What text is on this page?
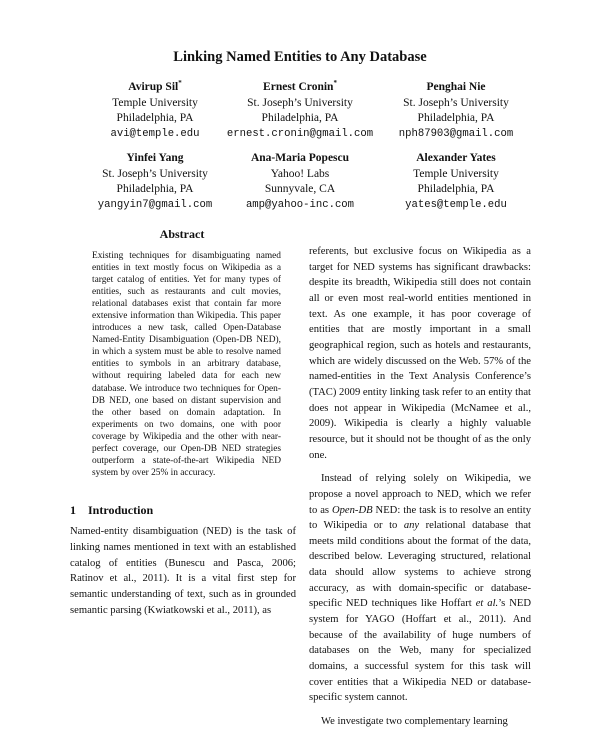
Linking Named Entities to Any Database
Avirup Sil*
Temple University
Philadelphia, PA
avi@temple.edu
Ernest Cronin*
St. Joseph’s University
Philadelphia, PA
ernest.cronin@gmail.com
Penghai Nie
St. Joseph’s University
Philadelphia, PA
nph87903@gmail.com
Yinfei Yang
St. Joseph’s University
Philadelphia, PA
yangyin7@gmail.com
Ana-Maria Popescu
Yahoo! Labs
Sunnyvale, CA
amp@yahoo-inc.com
Alexander Yates
Temple University
Philadelphia, PA
yates@temple.edu
Abstract
Existing techniques for disambiguating named entities in text mostly focus on Wikipedia as a target catalog of entities. Yet for many types of entities, such as restaurants and cult movies, relational databases exist that contain far more extensive information than Wikipedia. This paper introduces a new task, called Open-Database Named-Entity Disambiguation (Open-DB NED), in which a system must be able to resolve named entities to symbols in an arbitrary database, without requiring labeled data for each new database. We introduce two techniques for Open-DB NED, one based on distant supervision and the other based on domain adaptation. In experiments on two domains, one with poor coverage by Wikipedia and the other with near-perfect coverage, our Open-DB NED strategies outperform a state-of-the-art Wikipedia NED system by over 25% in accuracy.
1 Introduction
Named-entity disambiguation (NED) is the task of linking names mentioned in text with an established catalog of entities (Bunescu and Pasca, 2006; Ratinov et al., 2011). It is a vital first step for semantic understanding of text, such as in grounded semantic parsing (Kwiatkowski et al., 2011), as

referents, but exclusive focus on Wikipedia as a target for NED systems has significant drawbacks: despite its breadth, Wikipedia still does not contain all or even most real-world entities mentioned in text. As one example, it has poor coverage of entities that are mostly important in a small geographical region, such as hotels and restaurants, which are widely discussed on the Web. 57% of the named-entities in the Text Analysis Conference’s (TAC) 2009 entity linking task refer to an entity that does not appear in Wikipedia (McNamee et al., 2009). Wikipedia is clearly a highly valuable resource, but it should not be thought of as the only one.

Instead of relying solely on Wikipedia, we propose a novel approach to NED, which we refer to as Open-DB NED: the task is to resolve an entity to Wikipedia or to any relational database that meets mild conditions about the format of the data, described below. Leveraging structured, relational data should allow systems to achieve strong accuracy, as with domain-specific or database-specific NED techniques like Hoffart et al.’s NED system for YAGO (Hoffart et al., 2011). And because of the availability of huge numbers of databases on the Web, many for specialized domains, a successful system for this task will cover entities that a Wikipedia NED or database-specific system cannot.

We investigate two complementary learning
